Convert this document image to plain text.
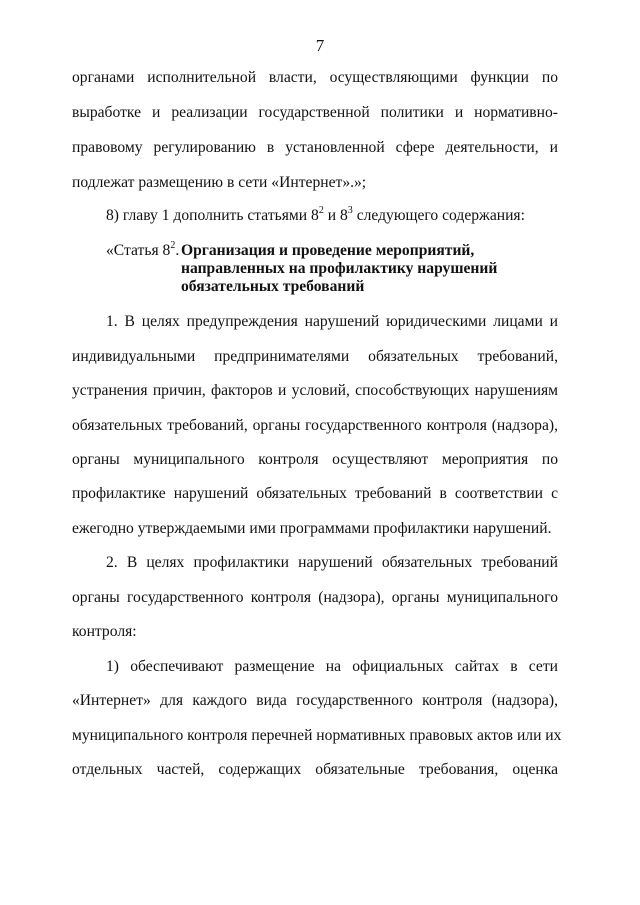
7
органами исполнительной власти, осуществляющими функции по
выработке и реализации государственной политики и нормативно-
правовому регулированию в установленной сфере деятельности, и
подлежат размещению в сети «Интернет».»;
8) главу 1 дополнить статьями $8^2$ и $8^3$ следующего содержания:
«Статья $8^2$. Организация и проведение мероприятий,
направленных на профилактику нарушений
обязательных требований
1. В целях предупреждения нарушений юридическими лицами и
индивидуальными предпринимателями обязательных требований,
устранения причин, факторов и условий, способствующих нарушениям
обязательных требований, органы государственного контроля (надзора),
органы муниципального контроля осуществляют мероприятия по
профилактике нарушений обязательных требований в соответствии с
ежегодно утверждаемыми ими программами профилактики нарушений.
2. В целях профилактики нарушений обязательных требований
органы государственного контроля (надзора), органы муниципального
контроля:
1) обеспечивают размещение на официальных сайтах в сети
«Интернет» для каждого вида государственного контроля (надзора),
муниципального контроля перечней нормативных правовых актов или их
отдельных частей, содержащих обязательные требования, оценка
